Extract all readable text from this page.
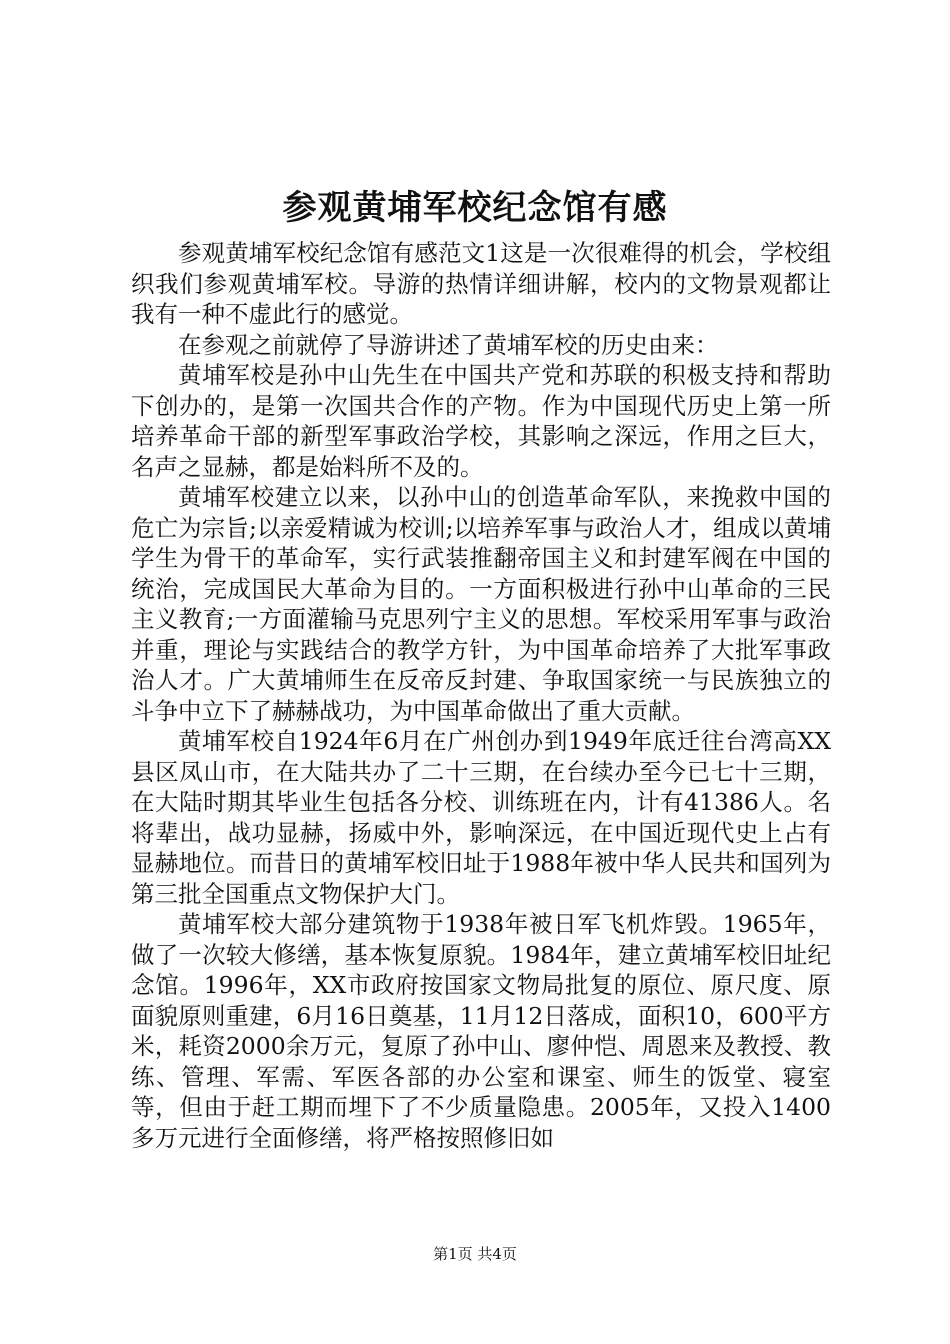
参观黄埔军校纪念馆有感

参观黄埔军校纪念馆有感范文1这是一次很难得的机会，学校组织我们参观黄埔军校。导游的热情详细讲解，校内的文物景观都让我有一种不虚此行的感觉。

在参观之前就停了导游讲述了黄埔军校的历史由来：

黄埔军校是孙中山先生在中国共产党和苏联的积极支持和帮助下创办的，是第一次国共合作的产物。作为中国现代历史上第一所培养革命干部的新型军事政治学校，其影响之深远，作用之巨大，名声之显赫，都是始料所不及的。

黄埔军校建立以来，以孙中山的创造革命军队，来挽救中国的危亡为宗旨;以亲爱精诚为校训;以培养军事与政治人才，组成以黄埔学生为骨干的革命军，实行武装推翻帝国主义和封建军阀在中国的统治，完成国民大革命为目的。一方面积极进行孙中山革命的三民主义教育;一方面灌输马克思列宁主义的思想。军校采用军事与政治并重，理论与实践结合的教学方针，为中国革命培养了大批军事政治人才。广大黄埔师生在反帝反封建、争取国家统一与民族独立的斗争中立下了赫赫战功，为中国革命做出了重大贡献。

黄埔军校自1924年6月在广州创办到1949年底迁往台湾高XX县区凤山市，在大陆共办了二十三期，在台续办至今已七十三期，在大陆时期其毕业生包括各分校、训练班在内，计有41386人。名将辈出，战功显赫，扬威中外，影响深远，在中国近现代史上占有显赫地位。而昔日的黄埔军校旧址于1988年被中华人民共和国列为第三批全国重点文物保护大门。

黄埔军校大部分建筑物于1938年被日军飞机炸毁。1965年，做了一次较大修缮，基本恢复原貌。1984年，建立黄埔军校旧址纪念馆。1996年，XX市政府按国家文物局批复的原位、原尺度、原面貌原则重建，6月16日奠基，11月12日落成，面积10，600平方米，耗资2000余万元，复原了孙中山、廖仲恺、周恩来及教授、教练、管理、军需、军医各部的办公室和课室、师生的饭堂、寝室等，但由于赶工期而埋下了不少质量隐患。2005年，又投入1400多万元进行全面修缮，将严格按照修旧如

第1页 共4页
